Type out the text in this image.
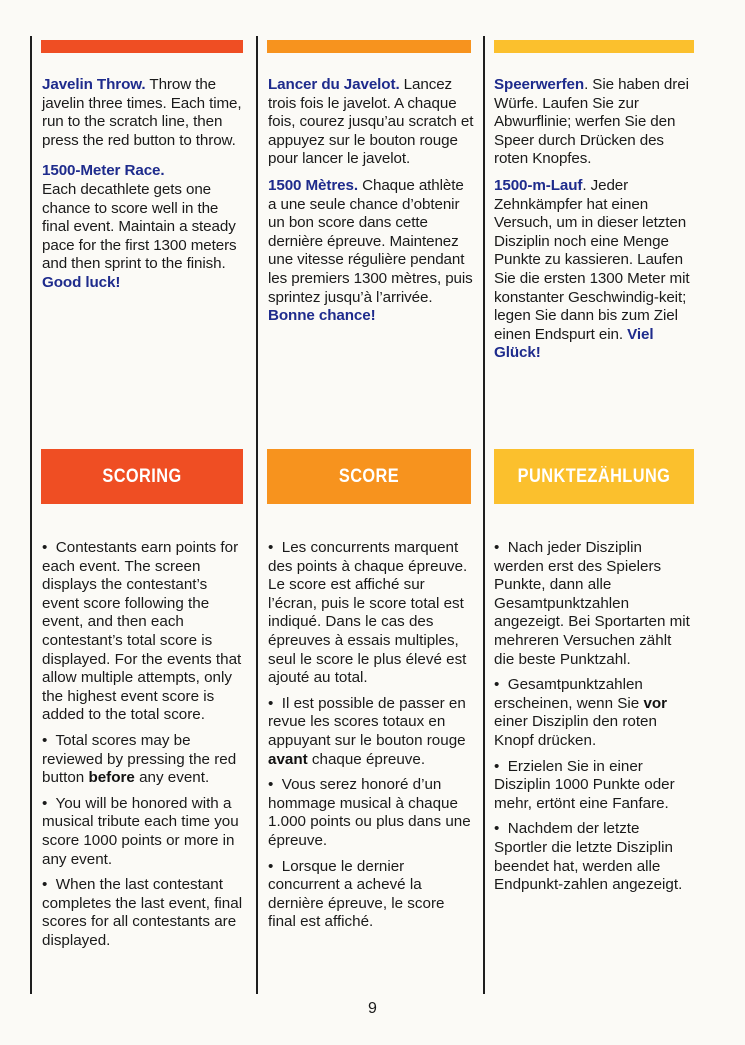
Javelin Throw. Throw the javelin three times. Each time, run to the scratch line, then press the red button to throw.

1500-Meter Race.
Each decathlete gets one chance to score well in the final event. Maintain a steady pace for the first 1300 meters and then sprint to the finish.
Good luck!

Lancer du Javelot. Lancez trois fois le javelot. A chaque fois, courez jusqu’au scratch et appuyez sur le bouton rouge pour lancer le javelot.

1500 Mètres. Chaque athlète a une seule chance d’obtenir un bon score dans cette dernière épreuve. Maintenez une vitesse régulière pendant les premiers 1300 mètres, puis sprintez jusqu’à l’arrivée. Bonne chance!

Speerwerfen. Sie haben drei Würfe. Laufen Sie zur Abwurflinie; werfen Sie den Speer durch Drücken des roten Knopfes.

1500-m-Lauf. Jeder Zehnkämpfer hat einen Versuch, um in dieser letzten Disziplin noch eine Menge Punkte zu kassieren. Laufen Sie die ersten 1300 Meter mit konstanter Geschwindig-keit; legen Sie dann bis zum Ziel einen Endspurt ein. Viel Glück!

SCORING	SCORE	PUNKTEZÄHLUNG
• Contestants earn points for each event. The screen displays the contestant’s event score following the event, and then each contestant’s total score is displayed. For the events that allow multiple attempts, only the highest event score is added to the total score.
• Total scores may be reviewed by pressing the red button before any event.
• You will be honored with a musical tribute each time you score 1000 points or more in any event.
• When the last contestant completes the last event, final scores for all contestants are displayed.
• Les concurrents marquent des points à chaque épreuve. Le score est affiché sur l’écran, puis le score total est indiqué. Dans le cas des épreuves à essais multiples, seul le score le plus élevé est ajouté au total.
• Il est possible de passer en revue les scores totaux en appuyant sur le bouton rouge avant chaque épreuve.
• Vous serez honoré d’un hommage musical à chaque 1.000 points ou plus dans une épreuve.
• Lorsque le dernier concurrent a achevé la dernière épreuve, le score final est affiché.
• Nach jeder Disziplin werden erst des Spielers Punkte, dann alle Gesamtpunktzahlen angezeigt. Bei Sportarten mit mehreren Versuchen zählt die beste Punktzahl.
• Gesamtpunktzahlen erscheinen, wenn Sie vor einer Disziplin den roten Knopf drücken.
• Erzielen Sie in einer Disziplin 1000 Punkte oder mehr, ertönt eine Fanfare.
• Nachdem der letzte Sportler die letzte Disziplin beendet hat, werden alle Endpunkt-zahlen angezeigt.
9
